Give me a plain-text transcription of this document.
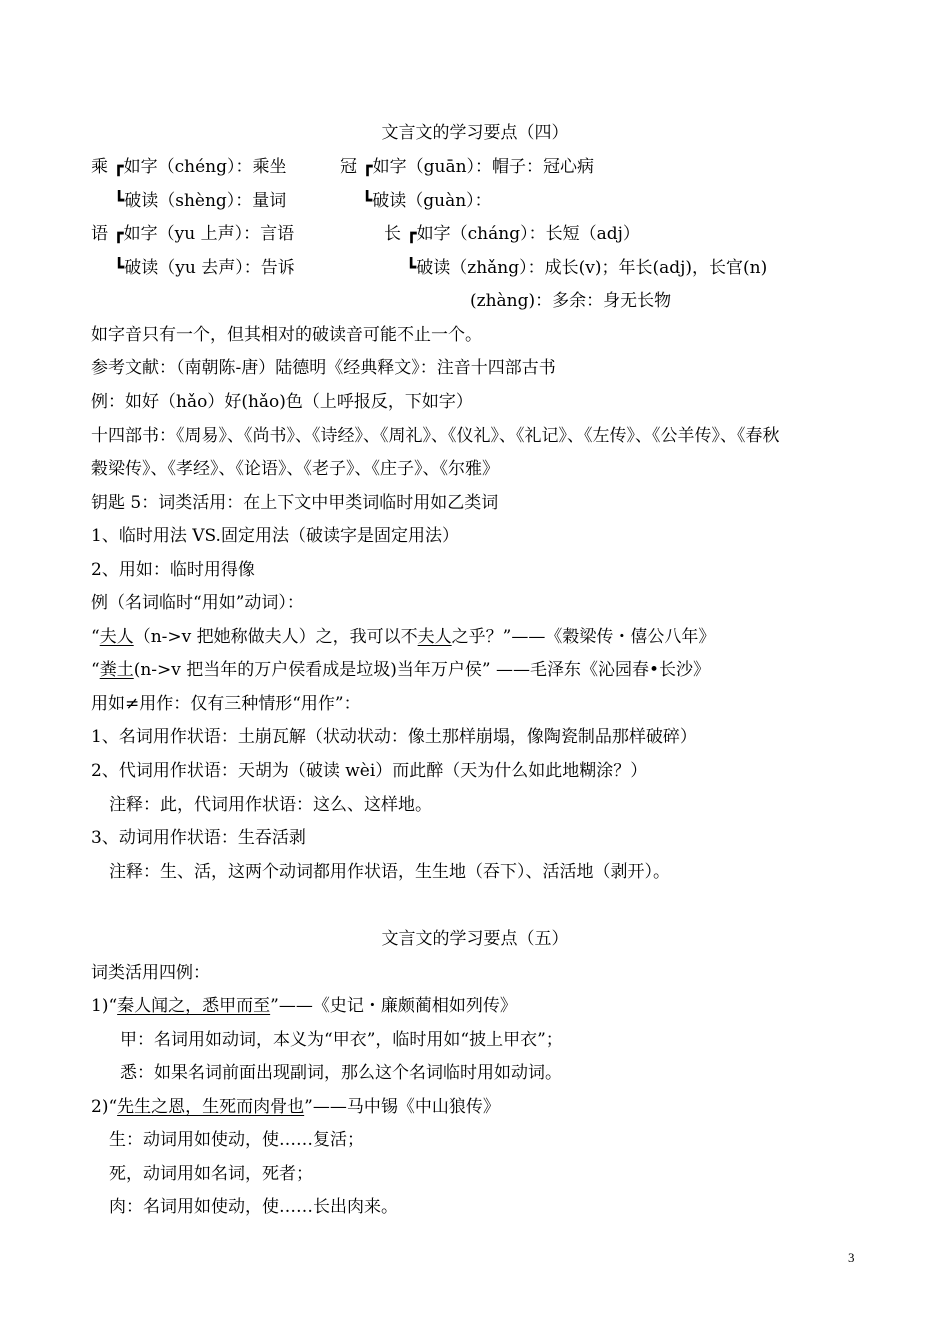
文言文的学习要点（四）
乘 ┏如字（chéng）：乘坐	冠 ┏如字（guān）：帽子：冠心病
┗破读（shèng）：量词	┗破读（guàn）：
语 ┏如字（yu 上声）：言语	长 ┏如字（cháng）：长短（adj）
┗破读（yu 去声）：告诉	┗破读（zhǎng）：成长(v)；年长(adj)，长官(n)
(zhàng)：多余：身无长物
如字音只有一个，但其相对的破读音可能不止一个。
参考文献：（南朝陈-唐）陆德明《经典释文》：注音十四部古书
例：如好（hǎo）好(hǎo)色（上呼报反，下如字）
十四部书：《周易》、《尚书》、《诗经》、《周礼》、《仪礼》、《礼记》、《左传》、《公羊传》、《春秋
穀梁传》、《孝经》、《论语》、《老子》、《庄子》、《尔雅》
钥匙 5：词类活用：在上下文中甲类词临时用如乙类词
1、临时用法 VS.固定用法（破读字是固定用法）
2、用如：临时用得像
例（名词临时“用如”动词）：
“夫人（n->v 把她称做夫人）之，我可以不夫人之乎？”——《穀梁传・僖公八年》
“粪土(n->v 把当年的万户侯看成是垃圾)当年万户侯” ——毛泽东《沁园春•长沙》
用如≠用作：仅有三种情形“用作”：
1、名词用作状语：土崩瓦解（状动状动：像土那样崩塌，像陶瓷制品那样破碎）
2、代词用作状语：天胡为（破读 wèi）而此醉（天为什么如此地糊涂？）
注释：此，代词用作状语：这么、这样地。
3、动词用作状语：生吞活剥
注释：生、活，这两个动词都用作状语，生生地（吞下）、活活地（剥开）。
文言文的学习要点（五）
词类活用四例：
1)“秦人闻之，悉甲而至”——《史记・廉颇蔺相如列传》
甲：名词用如动词，本义为“甲衣”，临时用如“披上甲衣”；
悉：如果名词前面出现副词，那么这个名词临时用如动词。
2)“先生之恩，生死而肉骨也”——马中锡《中山狼传》
生：动词用如使动，使……复活；
死，动词用如名词，死者；
肉：名词用如使动，使……长出肉来。
3
